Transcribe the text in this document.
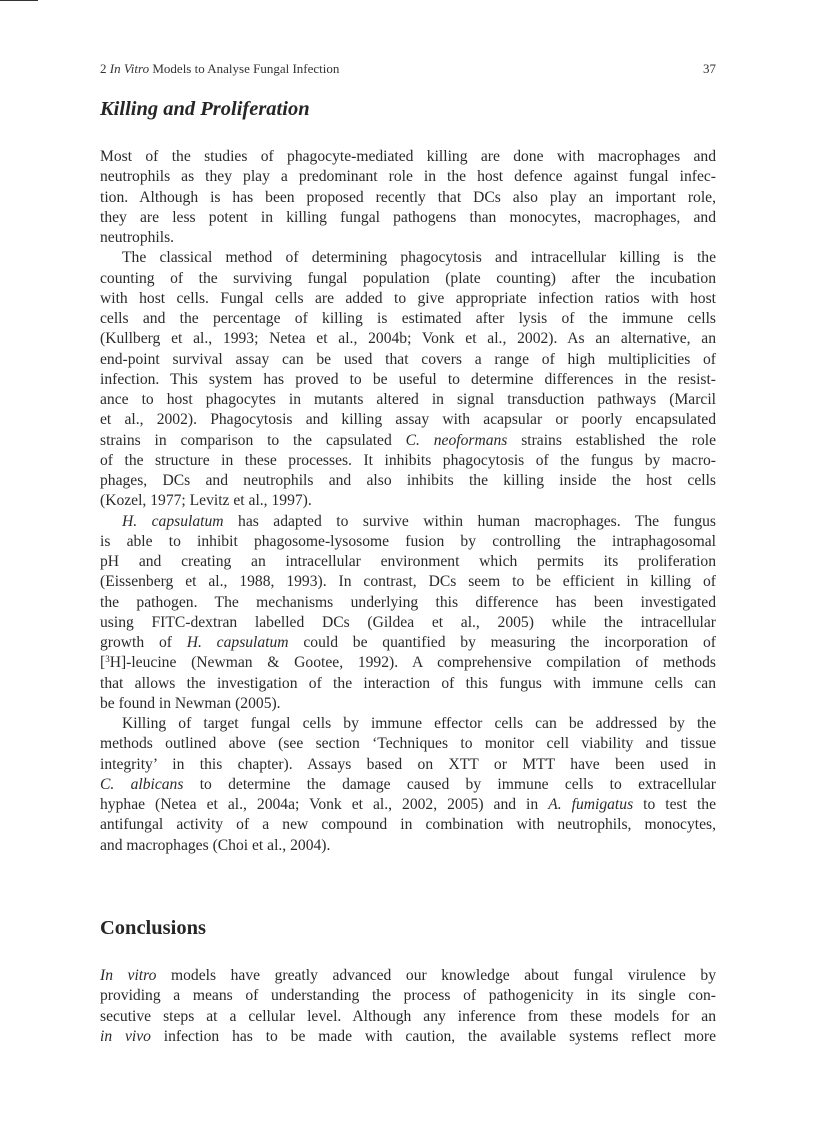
2 In Vitro Models to Analyse Fungal Infection	37
Killing and Proliferation

Most of the studies of phagocyte-mediated killing are done with macrophages and

neutrophils as they play a predominant role in the host defence against fungal infec-

tion. Although is has been proposed recently that DCs also play an important role,

they are less potent in killing fungal pathogens than monocytes, macrophages, and

neutrophils.

The classical method of determining phagocytosis and intracellular killing is the

counting of the surviving fungal population (plate counting) after the incubation

with host cells. Fungal cells are added to give appropriate infection ratios with host

cells and the percentage of killing is estimated after lysis of the immune cells

(Kullberg et al., 1993; Netea et al., 2004b; Vonk et al., 2002). As an alternative, an

end-point survival assay can be used that covers a range of high multiplicities of

infection. This system has proved to be useful to determine differences in the resist-

ance to host phagocytes in mutants altered in signal transduction pathways (Marcil

et al., 2002). Phagocytosis and killing assay with acapsular or poorly encapsulated

strains in comparison to the capsulated C. neoformans strains established the role

of the structure in these processes. It inhibits phagocytosis of the fungus by macro-

phages, DCs and neutrophils and also inhibits the killing inside the host cells

(Kozel, 1977; Levitz et al., 1997).

H. capsulatum has adapted to survive within human macrophages. The fungus

is able to inhibit phagosome-lysosome fusion by controlling the intraphagosomal

pH and creating an intracellular environment which permits its proliferation

(Eissenberg et al., 1988, 1993). In contrast, DCs seem to be efficient in killing of

the pathogen. The mechanisms underlying this difference has been investigated

using FITC-dextran labelled DCs (Gildea et al., 2005) while the intracellular

growth of H. capsulatum could be quantified by measuring the incorporation of

[$^3$H]-leucine (Newman & Gootee, 1992). A comprehensive compilation of methods

that allows the investigation of the interaction of this fungus with immune cells can

be found in Newman (2005).

Killing of target fungal cells by immune effector cells can be addressed by the

methods outlined above (see section ‘Techniques to monitor cell viability and tissue

integrity’ in this chapter). Assays based on XTT or MTT have been used in

C. albicans to determine the damage caused by immune cells to extracellular

hyphae (Netea et al., 2004a; Vonk et al., 2002, 2005) and in A. fumigatus to test the

antifungal activity of a new compound in combination with neutrophils, monocytes,

and macrophages (Choi et al., 2004).

Conclusions

In vitro models have greatly advanced our knowledge about fungal virulence by

providing a means of understanding the process of pathogenicity in its single con-

secutive steps at a cellular level. Although any inference from these models for an

in vivo infection has to be made with caution, the available systems reflect more
